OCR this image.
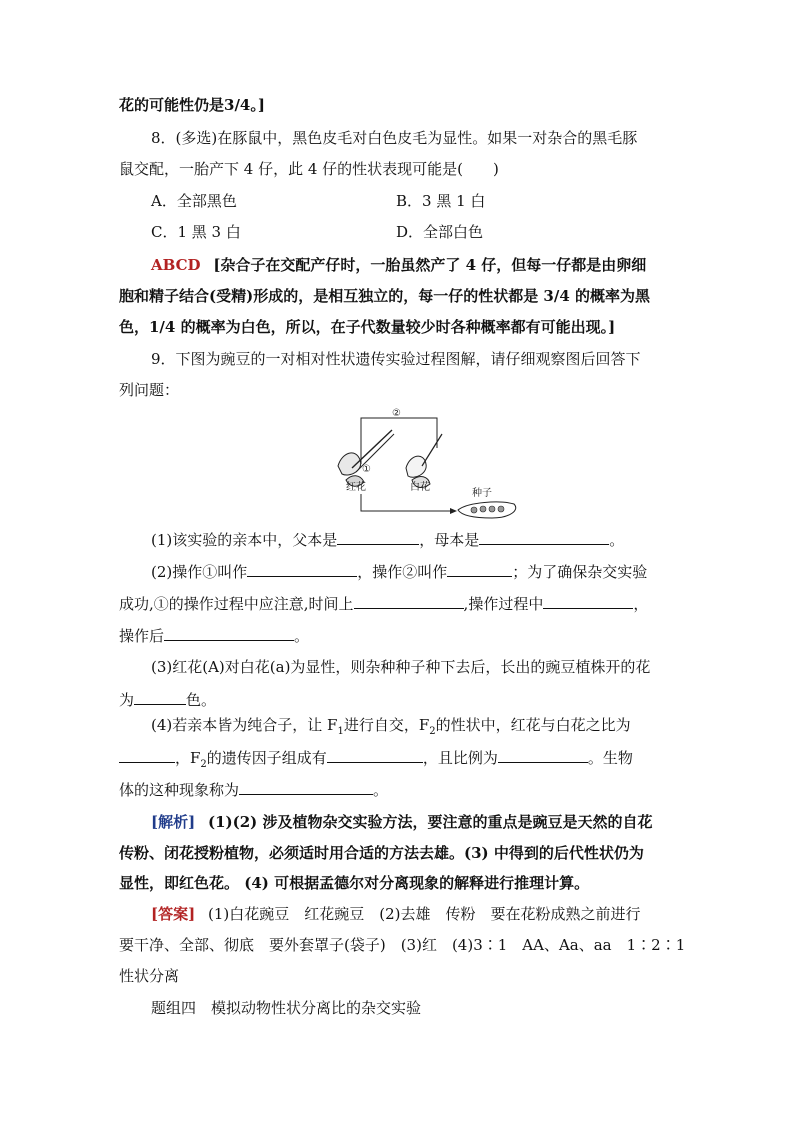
花的可能性仍是3/4。]
8．(多选)在豚鼠中，黑色皮毛对白色皮毛为显性。如果一对杂合的黑毛豚
鼠交配，一胎产下 4 仔，此 4 仔的性状表现可能是(　　)
A．全部黑色	B．3 黑 1 白
C．1 黑 3 白	D．全部白色
ABCD [杂合子在交配产仔时，一胎虽然产了 4 仔，但每一仔都是由卵细
胞和精子结合(受精)形成的，是相互独立的，每一仔的性状都是 3/4 的概率为黑
色，1/4 的概率为白色，所以，在子代数量较少时各种概率都有可能出现。]
9．下图为豌豆的一对相对性状遗传实验过程图解，请仔细观察图后回答下
列问题：
②
①
红花	白花
种子
(1)该实验的亲本中，父本是	，母本是	。
(2)操作①叫作	，操作②叫作	；为了确保杂交实验
成功,①的操作过程中应注意,时间上	,操作过程中	，
操作后	。
(3)红花(A)对白花(a)为显性，则杂种种子种下去后，长出的豌豆植株开的花
为	色。
(4)若亲本皆为纯合子，让 $F_1$进行自交，$F_2$的性状中，红花与白花之比为
，$F_2$的遗传因子组成有	，且比例为	。生物
体的这种现象称为	。
[解析] (1)(2) 涉及植物杂交实验方法，要注意的重点是豌豆是天然的自花
传粉、闭花授粉植物，必须适时用合适的方法去雄。(3) 中得到的后代性状仍为
显性，即红色花。 (4) 可根据孟德尔对分离现象的解释进行推理计算。
[答案] (1)白花豌豆　红花豌豆　(2)去雄　传粉　要在花粉成熟之前进行
要干净、全部、彻底　要外套罩子(袋子)　(3)红　(4)3∶1　AA、Aa、aa　1∶2∶1
性状分离
题组四　模拟动物性状分离比的杂交实验
